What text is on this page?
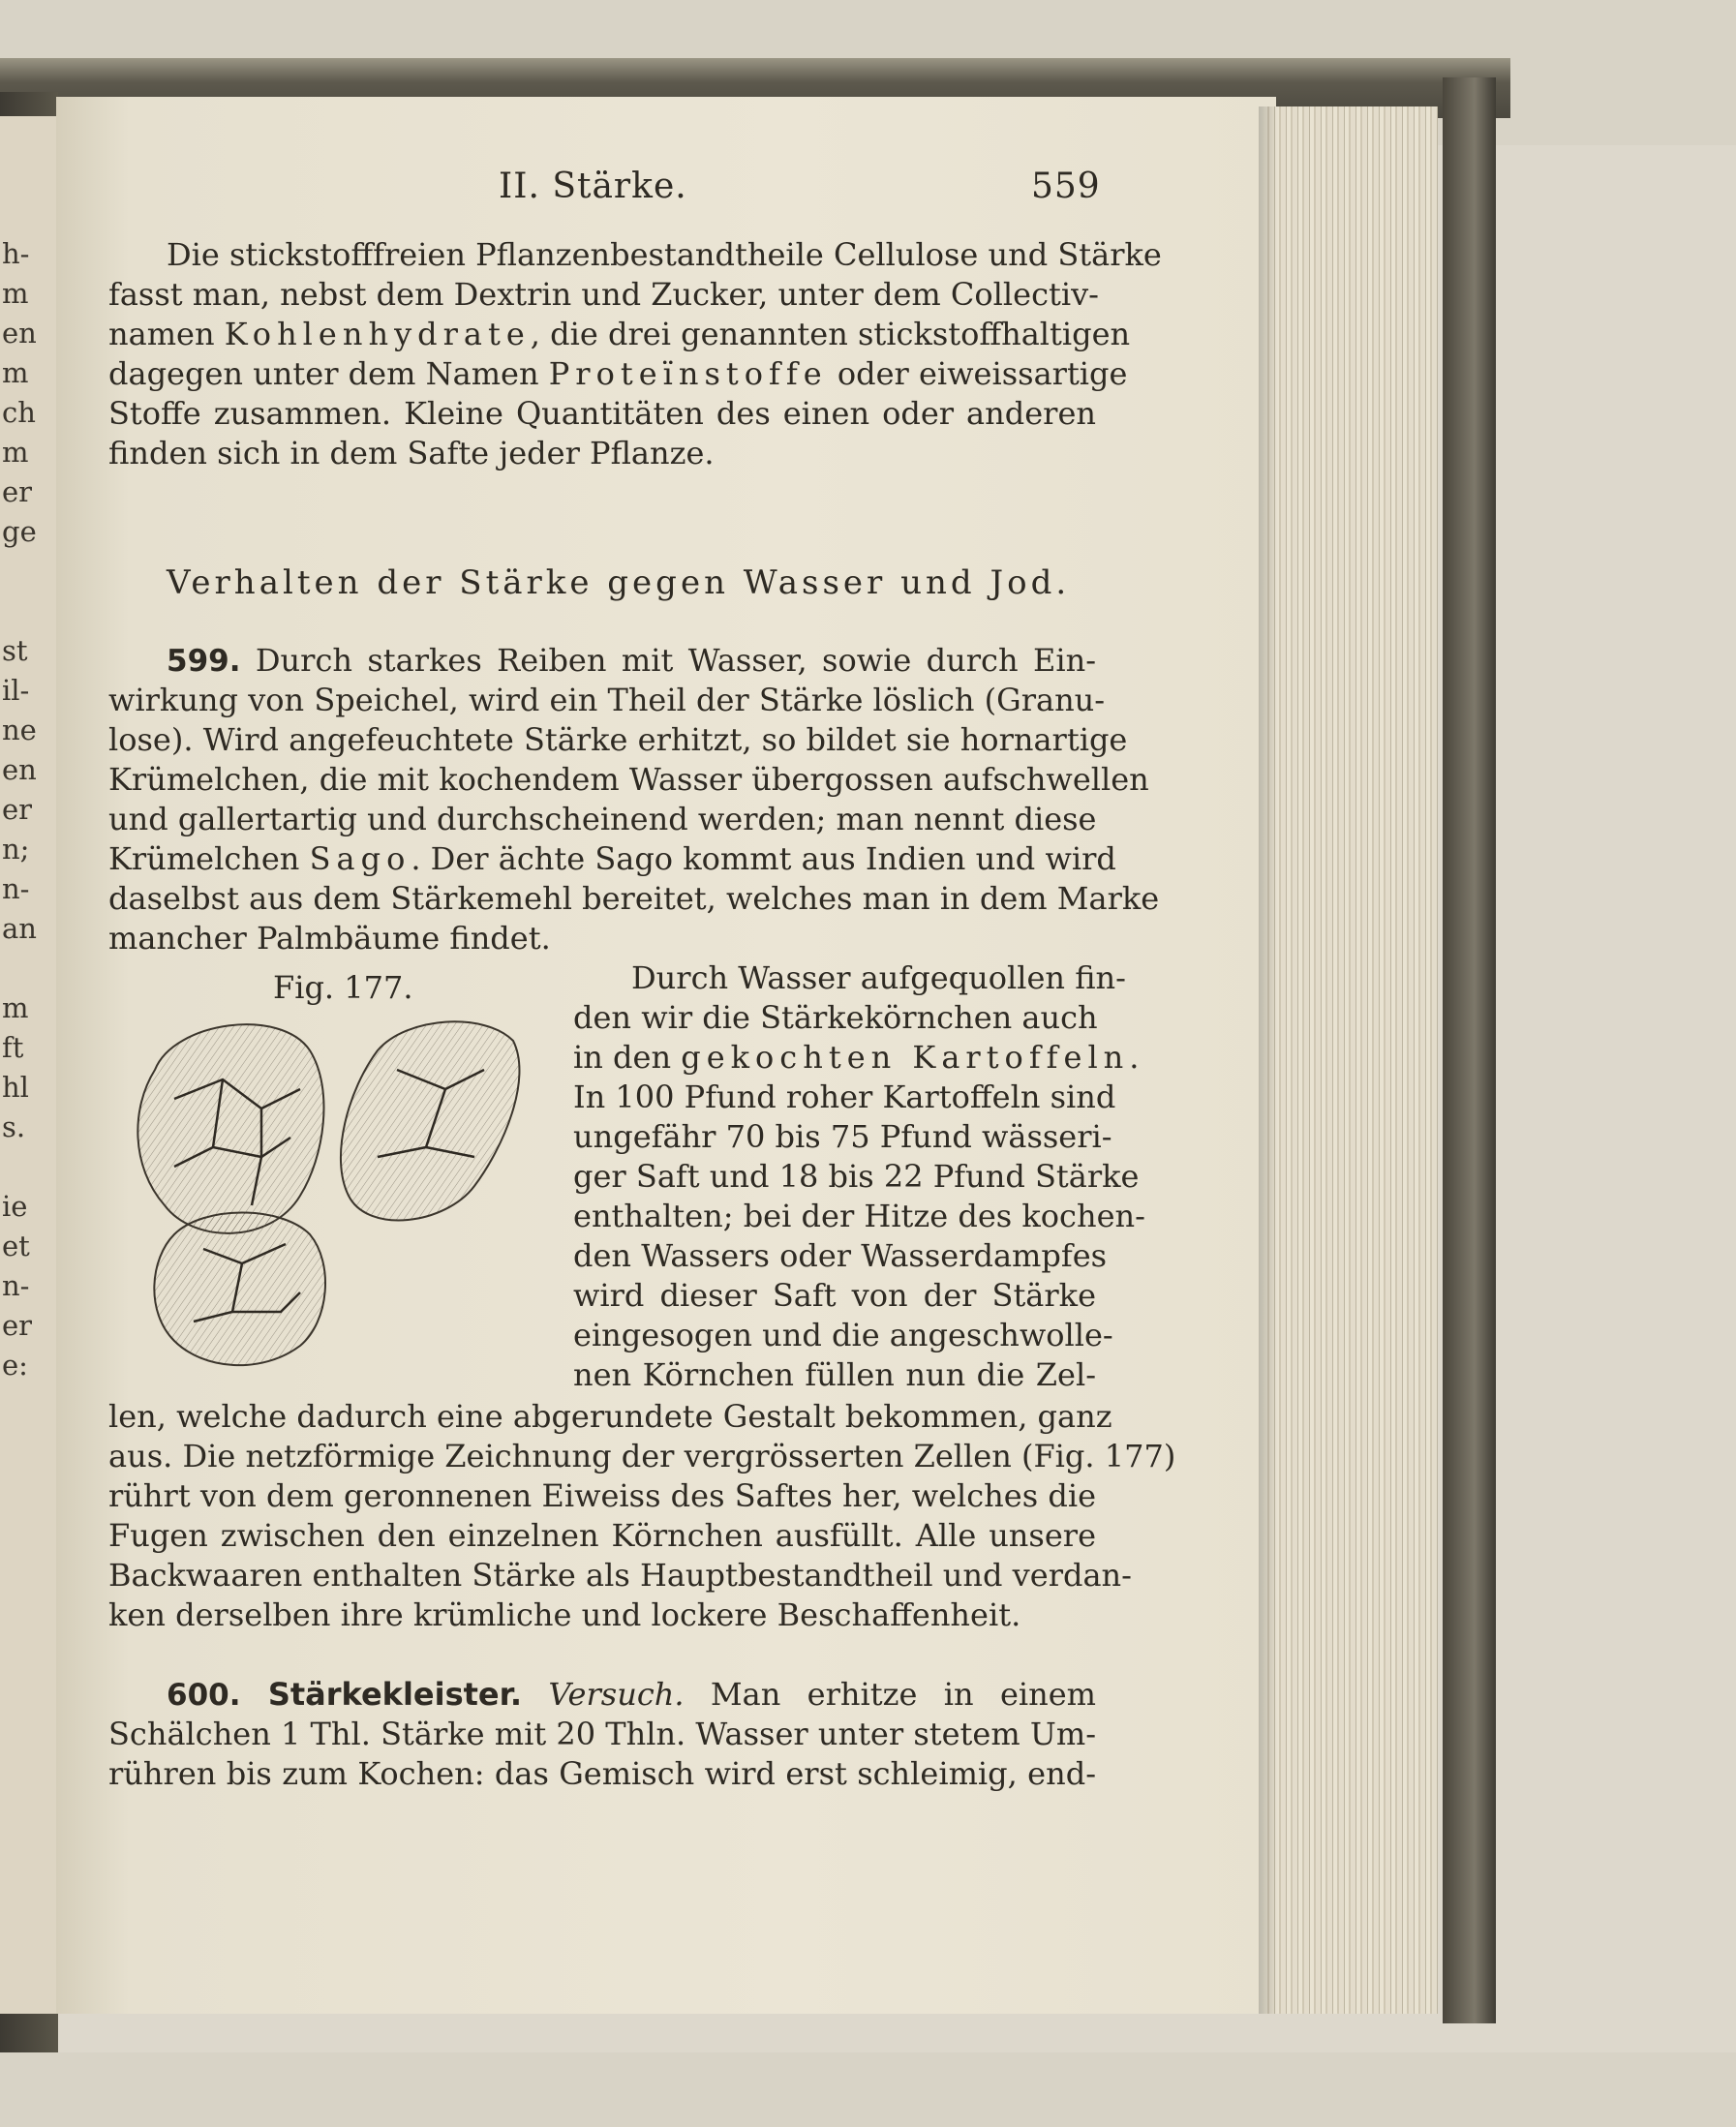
h-
m
en
m
ch
m
er
ge
st
il-
ne
en
er
n;
n-
an
m
ft
hl
s.
ie
et
n-
er
e:
II. Stärke.	559
Die stickstofffreien Pflanzenbestandtheile Cellulose und Stärke
fasst man, nebst dem Dextrin und Zucker, unter dem Collectiv-
namen Kohlenhydrate, die drei genannten stickstoffhaltigen
dagegen unter dem Namen Proteïnstoffe oder eiweissartige
Stoffe zusammen. Kleine Quantitäten des einen oder anderen
finden sich in dem Safte jeder Pflanze.
Verhalten der Stärke gegen Wasser und Jod.
599. Durch starkes Reiben mit Wasser, sowie durch Ein-
wirkung von Speichel, wird ein Theil der Stärke löslich (Granu-
lose). Wird angefeuchtete Stärke erhitzt, so bildet sie hornartige
Krümelchen, die mit kochendem Wasser übergossen aufschwellen
und gallertartig und durchscheinend werden; man nennt diese
Krümelchen Sago. Der ächte Sago kommt aus Indien und wird
daselbst aus dem Stärkemehl bereitet, welches man in dem Marke
mancher Palmbäume findet.
Fig. 177.	Durch Wasser aufgequollen fin-
den wir die Stärkekörnchen auch
in den gekochten Kartoffeln.
In 100 Pfund roher Kartoffeln sind
ungefähr 70 bis 75 Pfund wässeri-
ger Saft und 18 bis 22 Pfund Stärke
enthalten; bei der Hitze des kochen-
den Wassers oder Wasserdampfes
wird dieser Saft von der Stärke
eingesogen und die angeschwolle-
nen Körnchen füllen nun die Zel-
len, welche dadurch eine abgerundete Gestalt bekommen, ganz
aus. Die netzförmige Zeichnung der vergrösserten Zellen (Fig. 177)
rührt von dem geronnenen Eiweiss des Saftes her, welches die
Fugen zwischen den einzelnen Körnchen ausfüllt. Alle unsere
Backwaaren enthalten Stärke als Hauptbestandtheil und verdan-
ken derselben ihre krümliche und lockere Beschaffenheit.
600. Stärkekleister. Versuch. Man erhitze in einem
Schälchen 1 Thl. Stärke mit 20 Thln. Wasser unter stetem Um-
rühren bis zum Kochen: das Gemisch wird erst schleimig, end-
